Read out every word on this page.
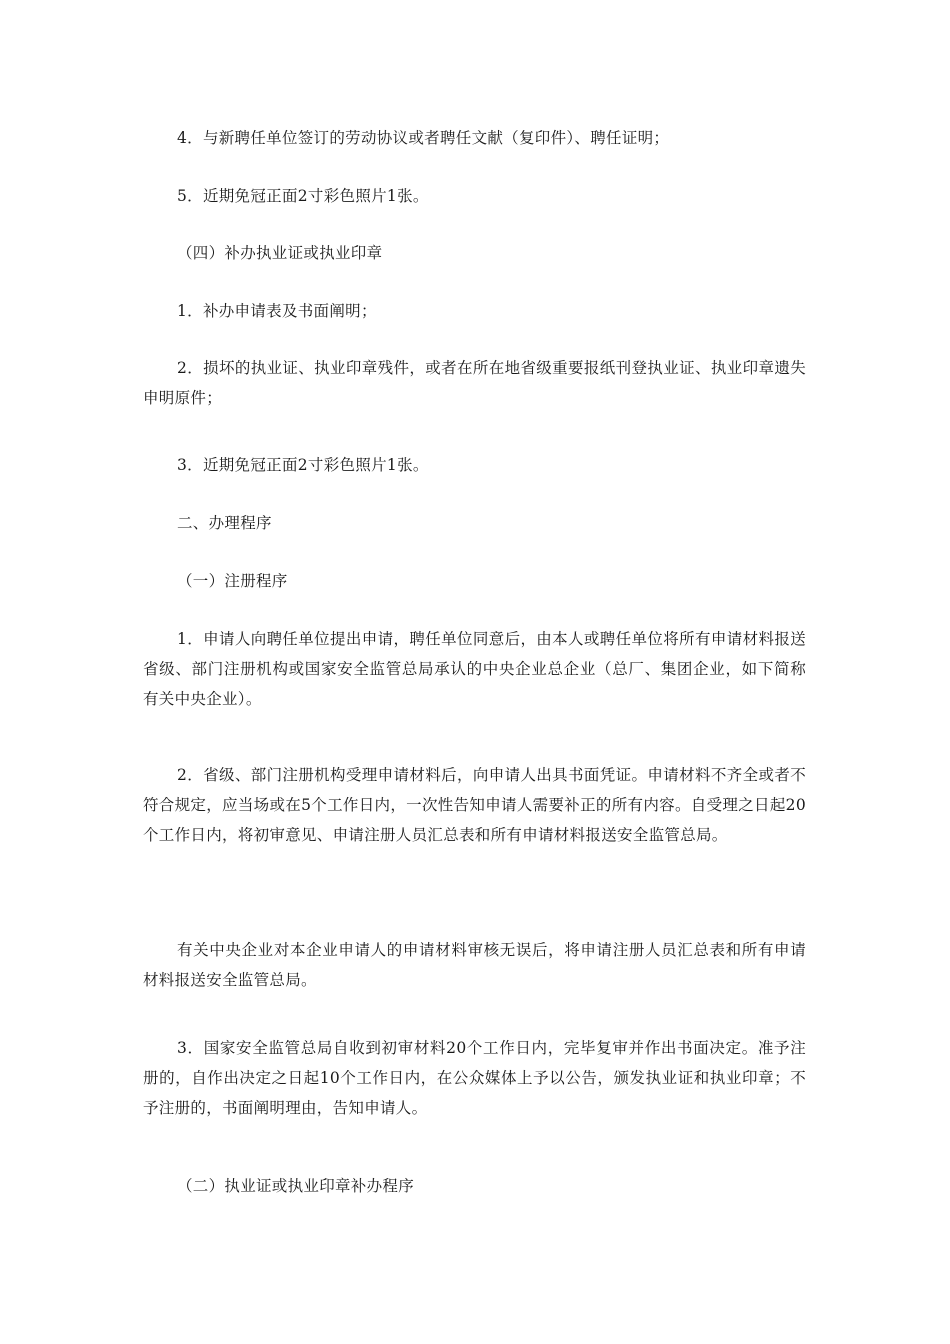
4．与新聘任单位签订的劳动协议或者聘任文献（复印件）、聘任证明；

5．近期免冠正面2寸彩色照片1张。

（四）补办执业证或执业印章

1．补办申请表及书面阐明；

2．损坏的执业证、执业印章残件，或者在所在地省级重要报纸刊登执业证、执业印章遗失申明原件；

3．近期免冠正面2寸彩色照片1张。

二、办理程序

（一）注册程序

1．申请人向聘任单位提出申请，聘任单位同意后，由本人或聘任单位将所有申请材料报送省级、部门注册机构或国家安全监管总局承认的中央企业总企业（总厂、集团企业，如下简称有关中央企业）。

2．省级、部门注册机构受理申请材料后，向申请人出具书面凭证。申请材料不齐全或者不符合规定，应当场或在5个工作日内，一次性告知申请人需要补正的所有内容。自受理之日起20个工作日内，将初审意见、申请注册人员汇总表和所有申请材料报送安全监管总局。

有关中央企业对本企业申请人的申请材料审核无误后，将申请注册人员汇总表和所有申请材料报送安全监管总局。

3．国家安全监管总局自收到初审材料20个工作日内，完毕复审并作出书面决定。准予注册的，自作出决定之日起10个工作日内，在公众媒体上予以公告，颁发执业证和执业印章；不予注册的，书面阐明理由，告知申请人。

（二）执业证或执业印章补办程序
